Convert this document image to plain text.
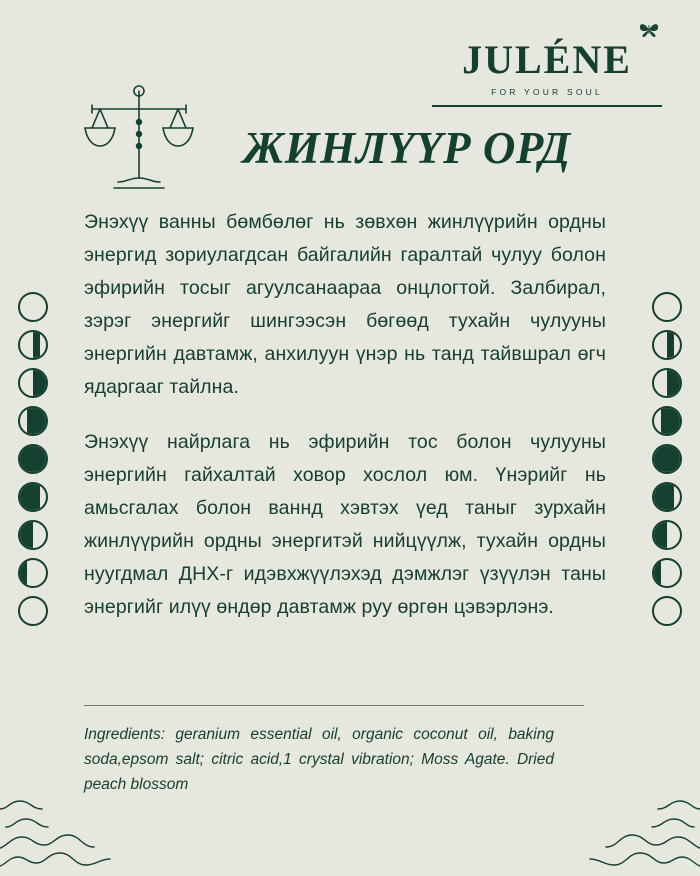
JULÉNE
FOR YOUR SOUL
ЖИНЛҮҮР ОРД

Энэхүү ванны бөмбөлөг нь зөвхөн жинлүүрийн ордны энергид зориулагдсан байгалийн гаралтай чулуу болон эфирийн тосыг агуулсанаараа онцлогтой. Залбирал, зэрэг энергийг шингээсэн бөгөөд тухайн чулууны энергийн давтамж, анхилуун үнэр нь танд тайвшрал өгч ядаргааг тайлна.

Энэхүү найрлага нь эфирийн тос болон чулууны энергийн гайхалтай ховор хослол юм. Үнэрийг нь амьсгалах болон ваннд хэвтэх үед таныг зурхайн жинлүүрийн ордны энергитэй нийцүүлж, тухайн ордны нуугдмал ДНХ-г идэвхжүүлэхэд дэмжлэг үзүүлэн таны энергийг илүү өндөр давтамж руу өргөн цэвэрлэнэ.

Ingredients: geranium essential oil, organic coconut oil, baking soda,epsom salt; citric acid,1 crystal vibration; Moss Agate. Dried peach blossom
